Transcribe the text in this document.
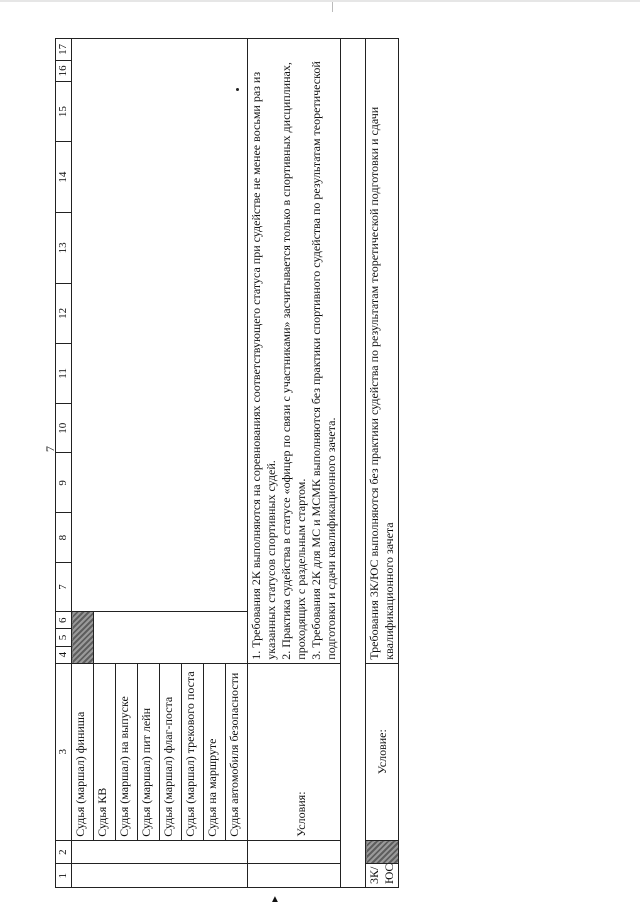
7
1	2	3	4	5	6	7	8	9	10	11	12	13	14	15	16	17
		Судья (маршал) финиша														
		Судья КВ														
		Судья (маршал) на выпуске														
		Судья (маршал) пит лейн														
		Судья (маршал) флаг-поста														
		Судья (маршал) трекового поста														
		Судья на маршруте														
		Судья автомобиля безопасности														
		Условия:	1. Требования 2К выполняются на соревнованиях соответствующего статуса при судействе не менее восьми раз из указанных статусов спортивных судей. 2. Практика судейства в статусе «офицер по связи с участниками» засчитывается только в спортивных дисциплинах, проходящих с раздельным стартом. 3. Требования 2К для МС и МСМК выполняются без практики спортивного судейства по результатам теоретической подготовки и сдачи квалификационного зачета.													

3К/ЮС		Условие:	Требования 3К/ЮС выполняются без практики судейства по результатам теоретической подготовки и сдачи квалификационного зачета													
▲
